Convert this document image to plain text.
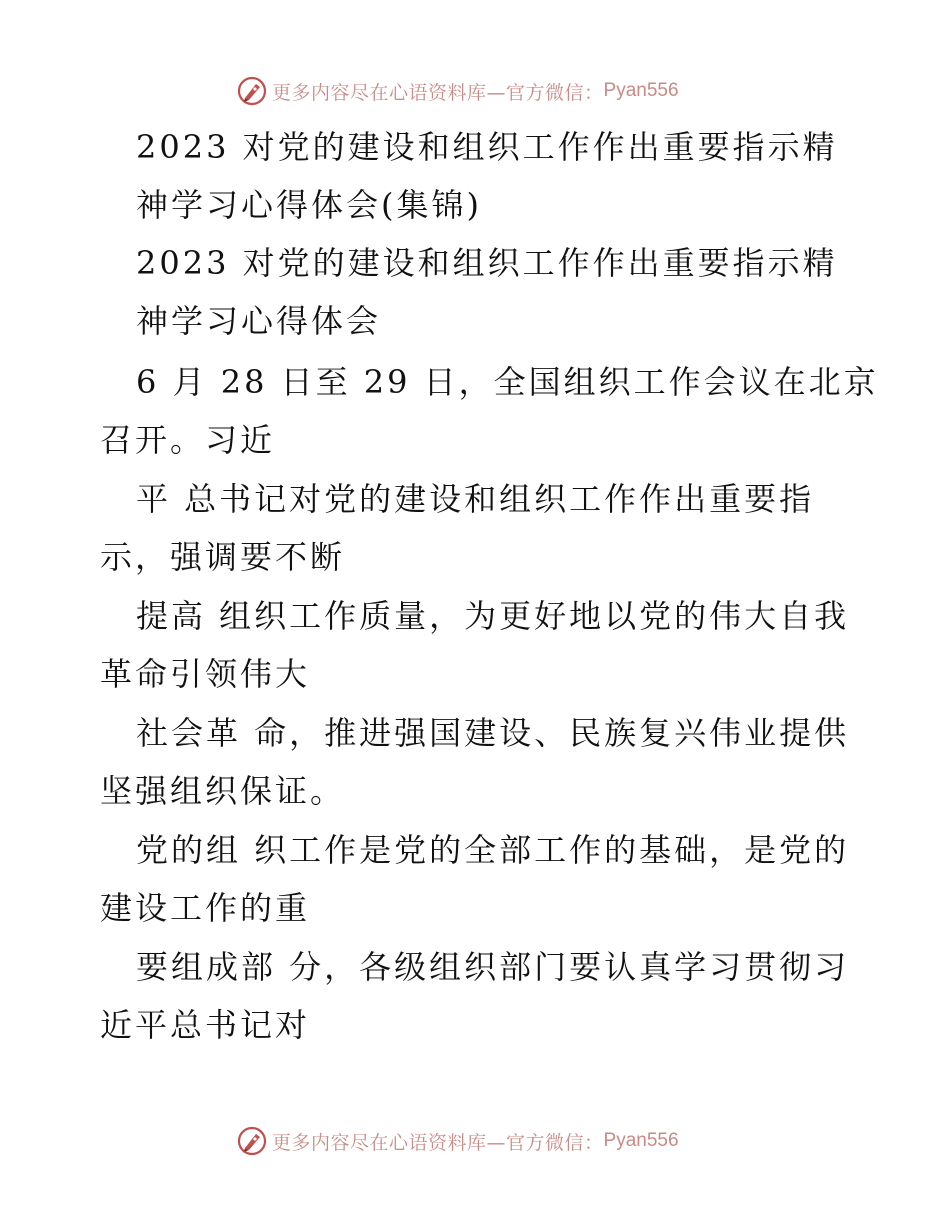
更多内容尽在心语资料库—官方微信： Pyan556
2023 对党的建设和组织工作作出重要指示精
神学习心得体会(集锦)
2023 对党的建设和组织工作作出重要指示精
神学习心得体会
6 月 28 日至 29 日，全国组织工作会议在北京
召开。习近
平 总书记对党的建设和组织工作作出重要指
示，强调要不断
提高 组织工作质量，为更好地以党的伟大自我
革命引领伟大
社会革 命，推进强国建设、民族复兴伟业提供
坚强组织保证。
党的组 织工作是党的全部工作的基础，是党的
建设工作的重
要组成部 分，各级组织部门要认真学习贯彻习
近平总书记对
更多内容尽在心语资料库—官方微信： Pyan556
